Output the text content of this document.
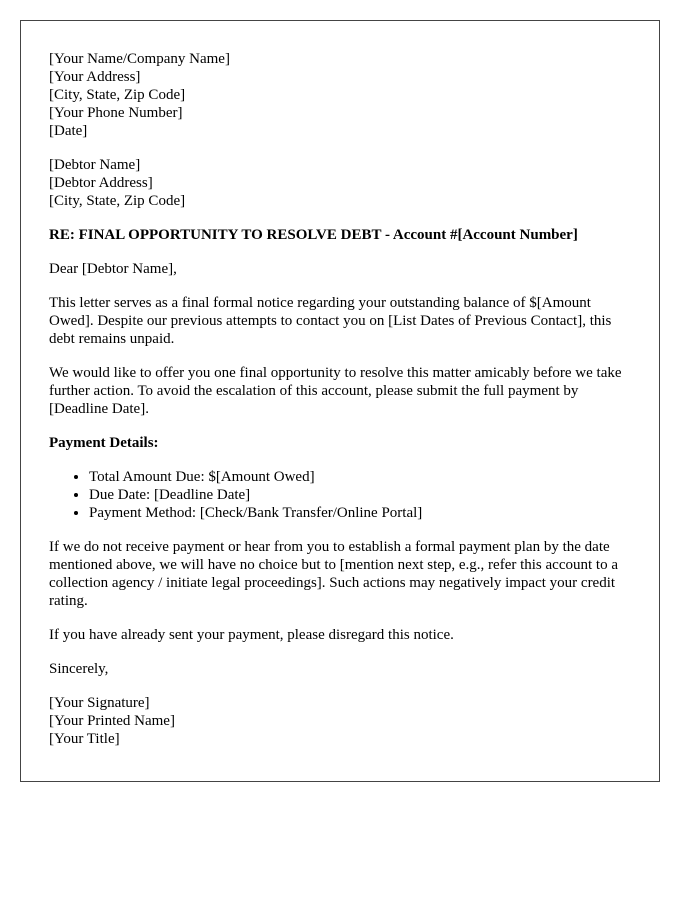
[Your Name/Company Name]
[Your Address]
[City, State, Zip Code]
[Your Phone Number]
[Date]
[Debtor Name]
[Debtor Address]
[City, State, Zip Code]

RE: FINAL OPPORTUNITY TO RESOLVE DEBT - Account #[Account Number]

Dear [Debtor Name],

This letter serves as a final formal notice regarding your outstanding balance of $[Amount Owed]. Despite our previous attempts to contact you on [List Dates of Previous Contact], this debt remains unpaid.

We would like to offer you one final opportunity to resolve this matter amicably before we take further action. To avoid the escalation of this account, please submit the full payment by [Deadline Date].

Payment Details:

• Total Amount Due: $[Amount Owed]
• Due Date: [Deadline Date]
• Payment Method: [Check/Bank Transfer/Online Portal]

If we do not receive payment or hear from you to establish a formal payment plan by the date mentioned above, we will have no choice but to [mention next step, e.g., refer this account to a collection agency / initiate legal proceedings]. Such actions may negatively impact your credit rating.

If you have already sent your payment, please disregard this notice.

Sincerely,

[Your Signature]
[Your Printed Name]
[Your Title]
